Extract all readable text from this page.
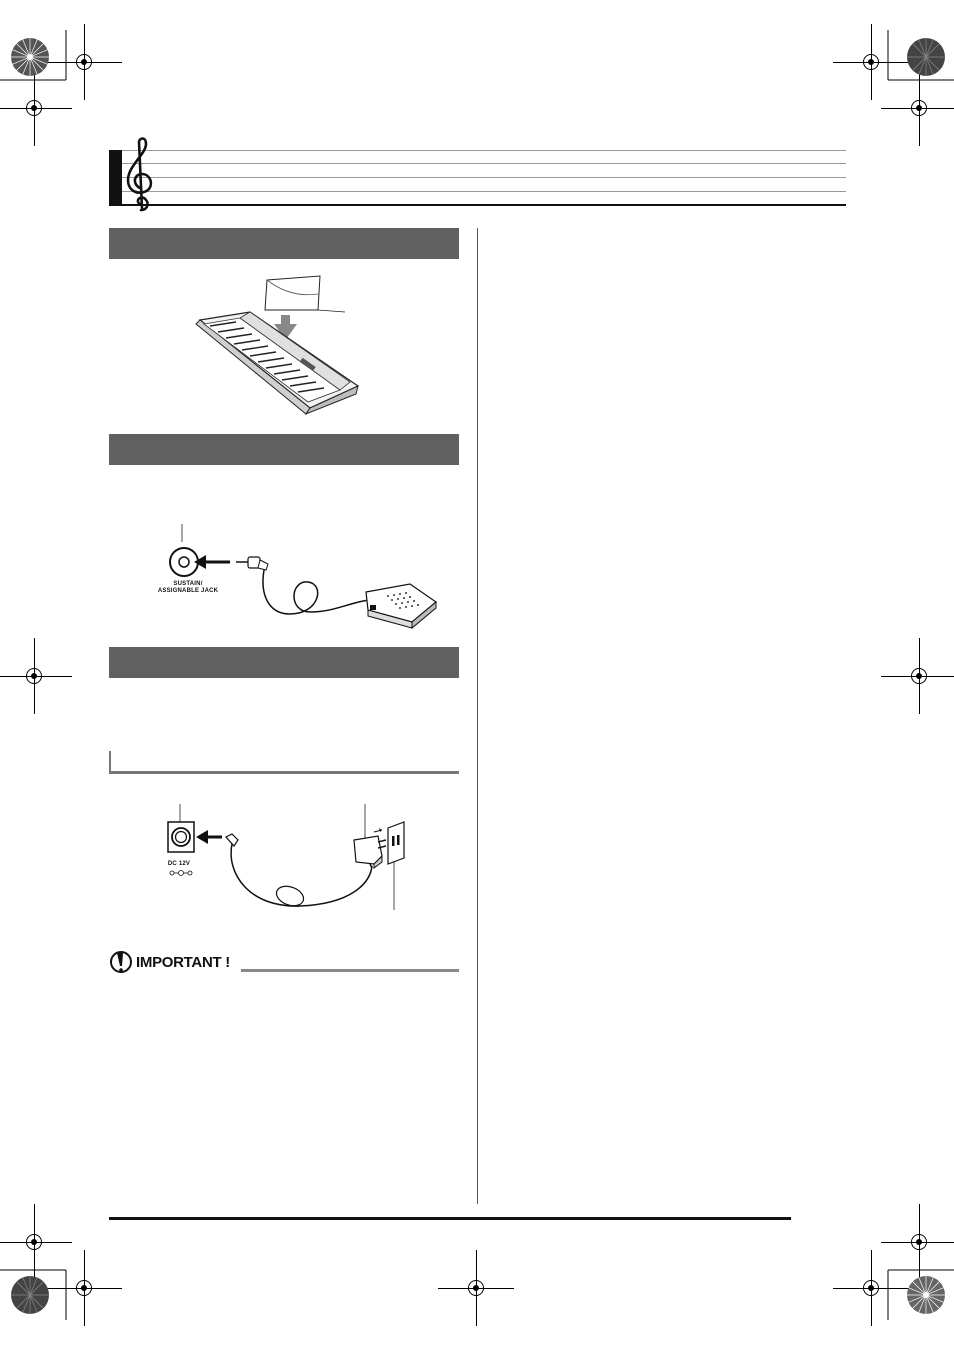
SUSTAIN/
ASSIGNABLE JACK
DC 12V
IMPORTANT !
